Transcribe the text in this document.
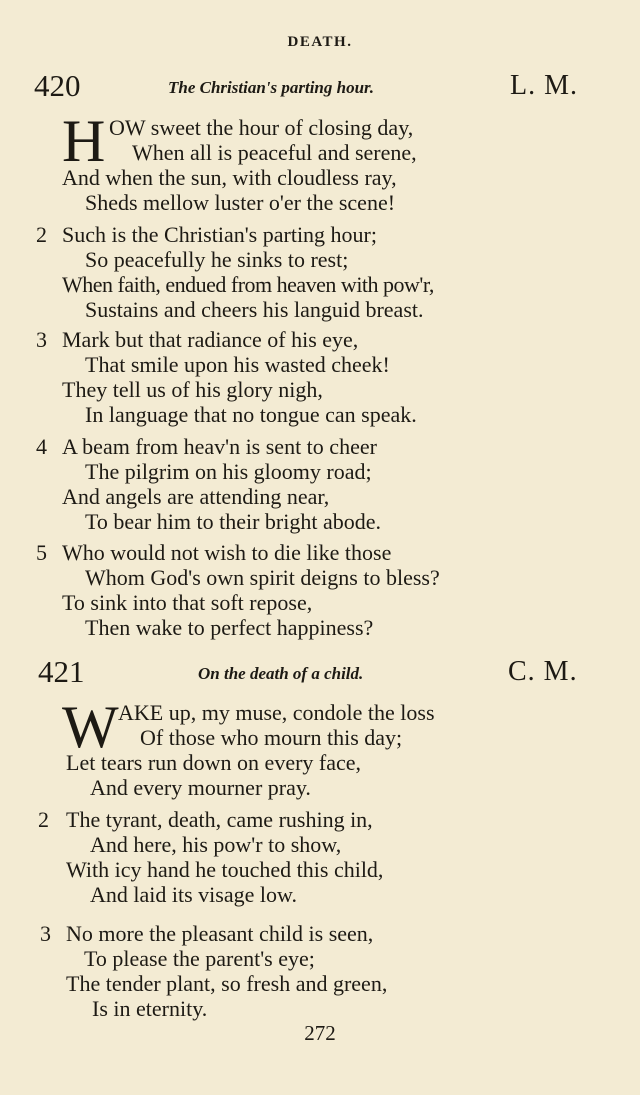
DEATH.
420	The Christian's parting hour.	L. M.
H OW sweet the hour of closing day,
When all is peaceful and serene,
And when the sun, with cloudless ray,
Sheds mellow luster o'er the scene!
2 Such is the Christian's parting hour;
So peacefully he sinks to rest;
When faith, endued from heaven with pow'r,
Sustains and cheers his languid breast.
3 Mark but that radiance of his eye,
That smile upon his wasted cheek!
They tell us of his glory nigh,
In language that no tongue can speak.
4 A beam from heav'n is sent to cheer
The pilgrim on his gloomy road;
And angels are attending near,
To bear him to their bright abode.
5 Who would not wish to die like those
Whom God's own spirit deigns to bless?
To sink into that soft repose,
Then wake to perfect happiness?
421	On the death of a child.	C. M.
W AKE up, my muse, condole the loss
Of those who mourn this day;
Let tears run down on every face,
And every mourner pray.
2 The tyrant, death, came rushing in,
And here, his pow'r to show,
With icy hand he touched this child,
And laid its visage low.
3 No more the pleasant child is seen,
To please the parent's eye;
The tender plant, so fresh and green,
Is in eternity.
272
